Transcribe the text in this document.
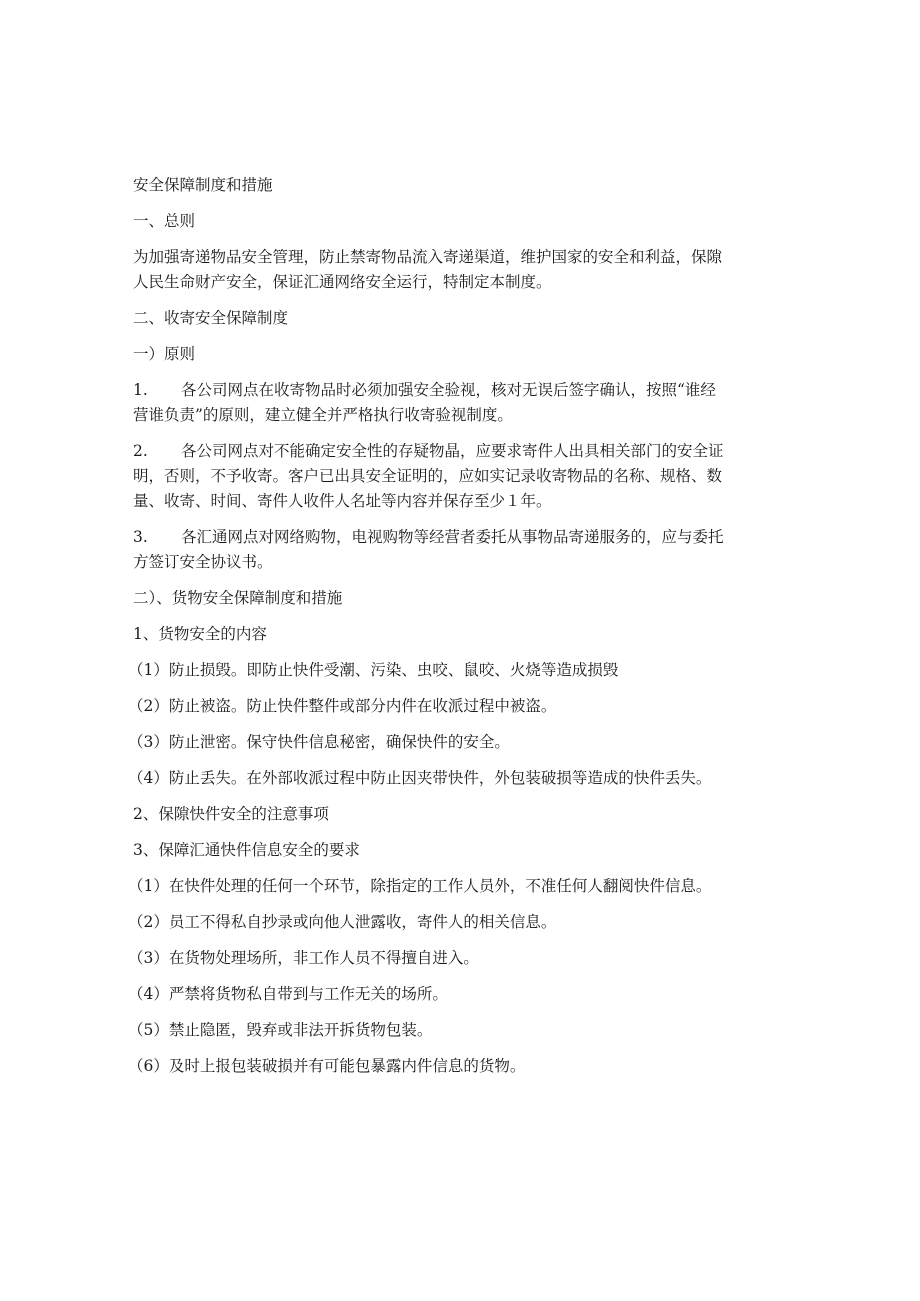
安全保障制度和措施

一、总则

为加强寄递物品安全管理，防止禁寄物品流入寄递渠道，维护国家的安全和利益，保隙

人民生命财产安全，保证汇通网络安全运行，特制定本制度。

二、收寄安全保障制度

一）原则

1. 各公司网点在收寄物品时必须加强安全验视，核对无误后签字确认，按照“谁经

营谁负责”的原则，建立健全并严格执行收寄验视制度。

2. 各公司网点对不能确定安全性的存疑物晶，应要求寄件人出具相关部门的安全证

明，否则，不予收寄。客户已出具安全证明的，应如实记录收寄物品的名称、规格、数

量、收寄、时间、寄件人收件人名址等内容并保存至少１年。

3. 各汇通网点对网络购物，电视购物等经营者委托从事物品寄递服务的，应与委托

方签订安全协议书。

二）、货物安全保障制度和措施

1、货物安全的内容

（1）防止损毁。即防止快件受潮、污染、虫咬、鼠咬、火烧等造成损毁

（2）防止被盗。防止快件整件或部分内件在收派过程中被盗。

（3）防止泄密。保守快件信息秘密，确保快件的安全。

（4）防止丢失。在外部收派过程中防止因夹带快件，外包装破损等造成的快件丢失。

2、保隙快件安全的注意事项

3、保障汇通快件信息安全的要求

（1）在快件处理的任何一个环节，除指定的工作人员外，不准任何人翻阅快件信息。

（2）员工不得私自抄录或向他人泄露收，寄件人的相关信息。

（3）在货物处理场所，非工作人员不得擅自进入。

（4）严禁将货物私自带到与工作无关的场所。

（5）禁止隐匿，毁弃或非法开拆货物包装。

（6）及时上报包装破损并有可能包暴露内件信息的货物。
